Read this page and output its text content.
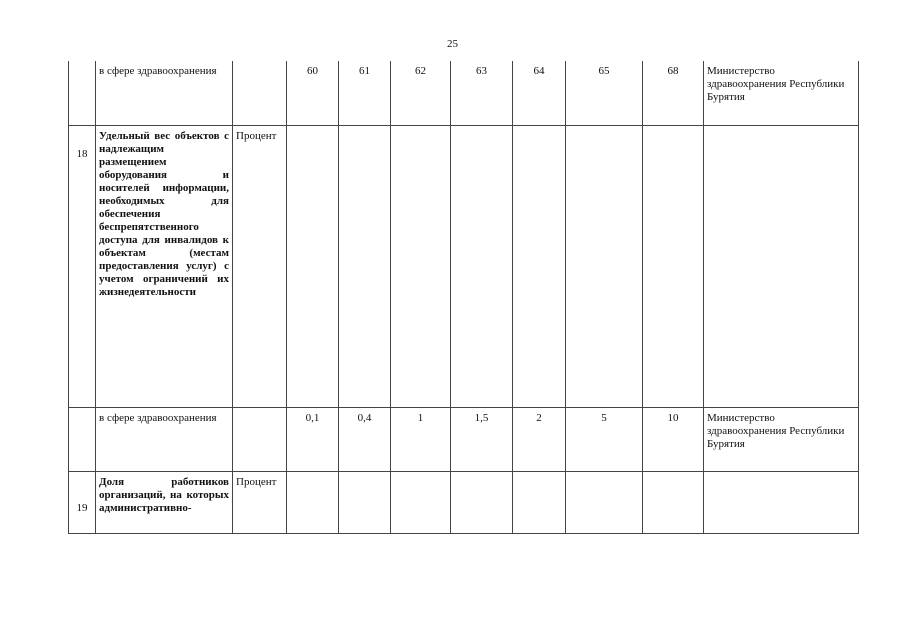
25
	в сфере здравоохранения		60	61	62	63	64	65	68	Министерство здравоохранения Республики Бурятия
18	Удельный вес объектов с надлежащим размещением оборудования и носителей информации, необходимых для обеспечения беспрепятственного доступа для инвалидов к объектам (местам предоставления услуг) с учетом ограничений их жизнедеятельности	Процент								
	в сфере здравоохранения		0,1	0,4	1	1,5	2	5	10	Министерство здравоохранения Республики Бурятия
19	Доля работников организаций, на которых административно-	Процент								
